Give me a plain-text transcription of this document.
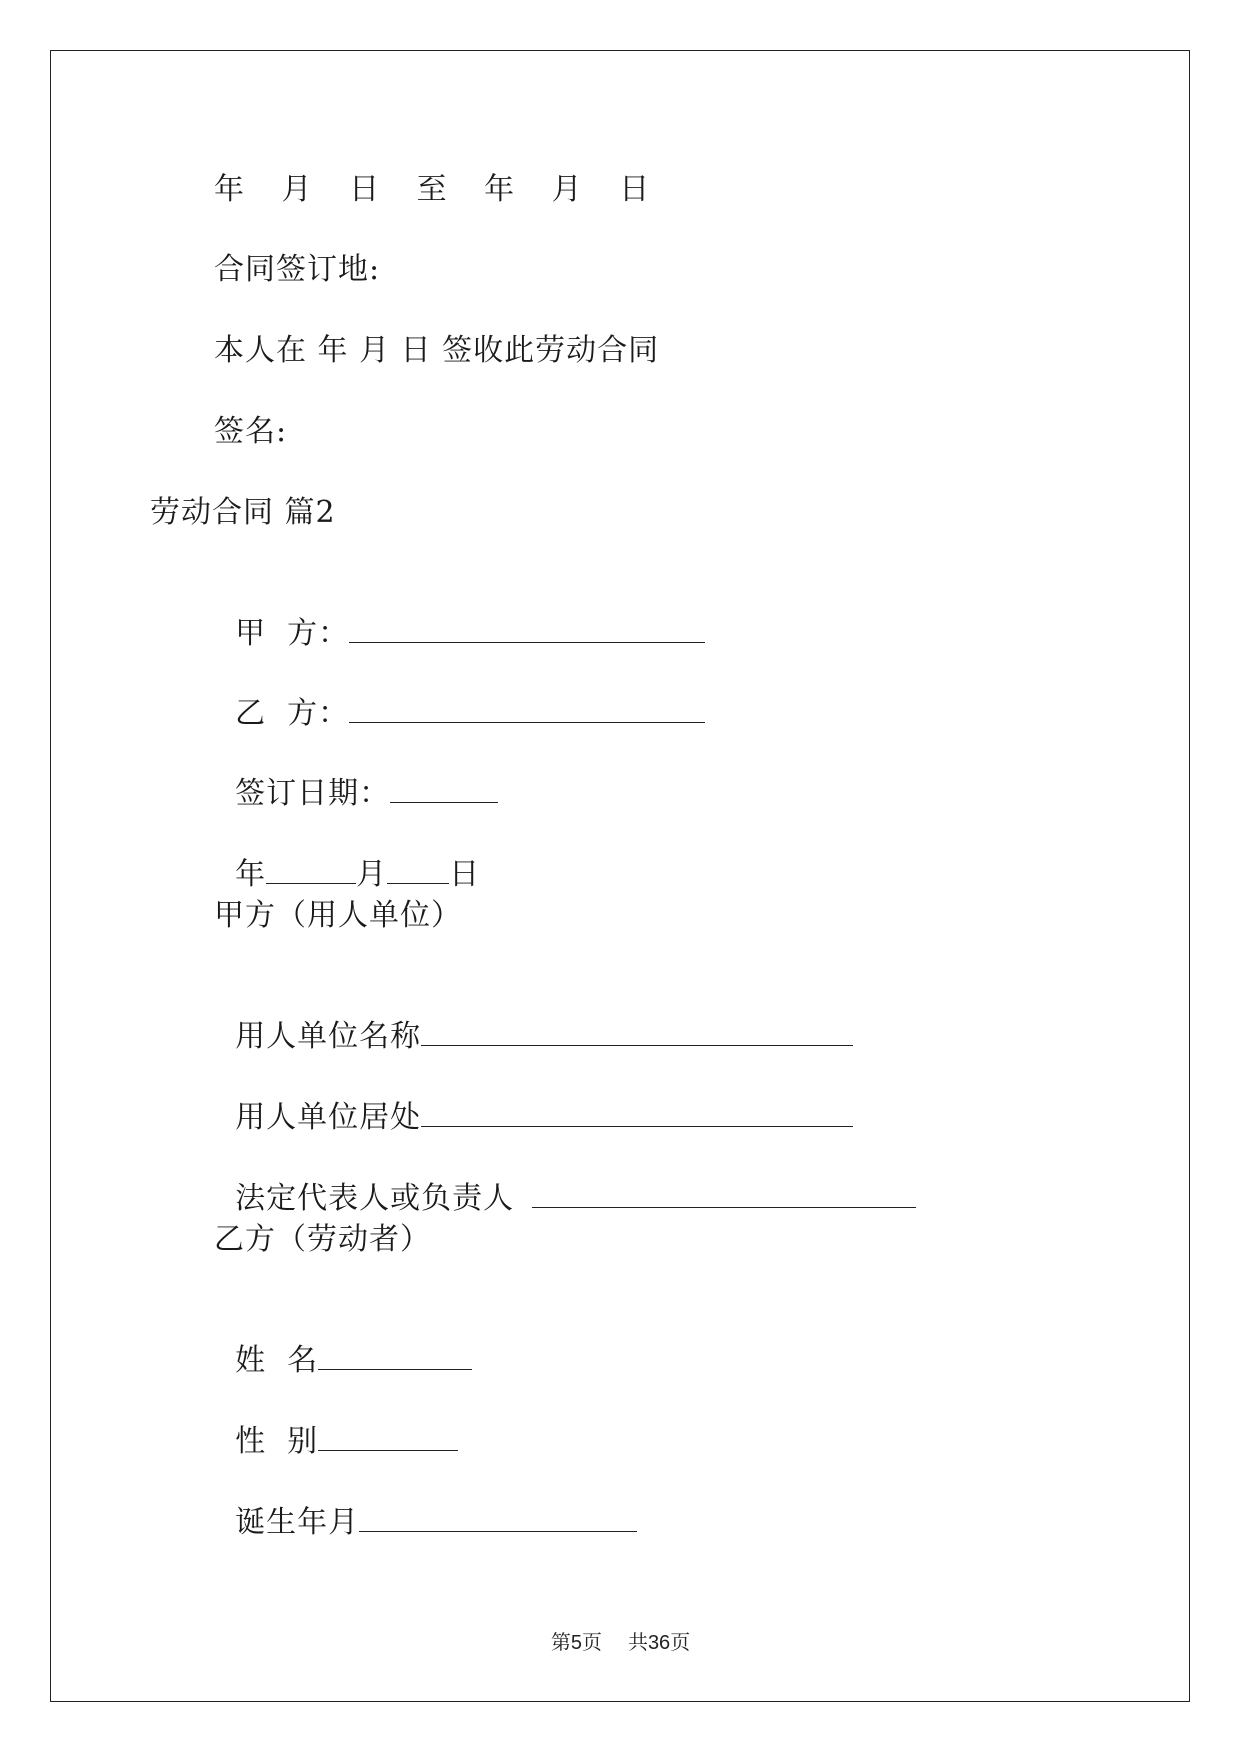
年 月 日 至 年 月 日
合同签订地:
本人在 年 月 日 签收此劳动合同
签名:
劳动合同 篇2

甲  方：

乙  方：

签订日期：

年	月 日

甲方（用人单位）

用人单位名称

用人单位居处

法定代表人或负责人

乙方（劳动者）

姓  名

性  别

诞生年月

第5页 共36页
